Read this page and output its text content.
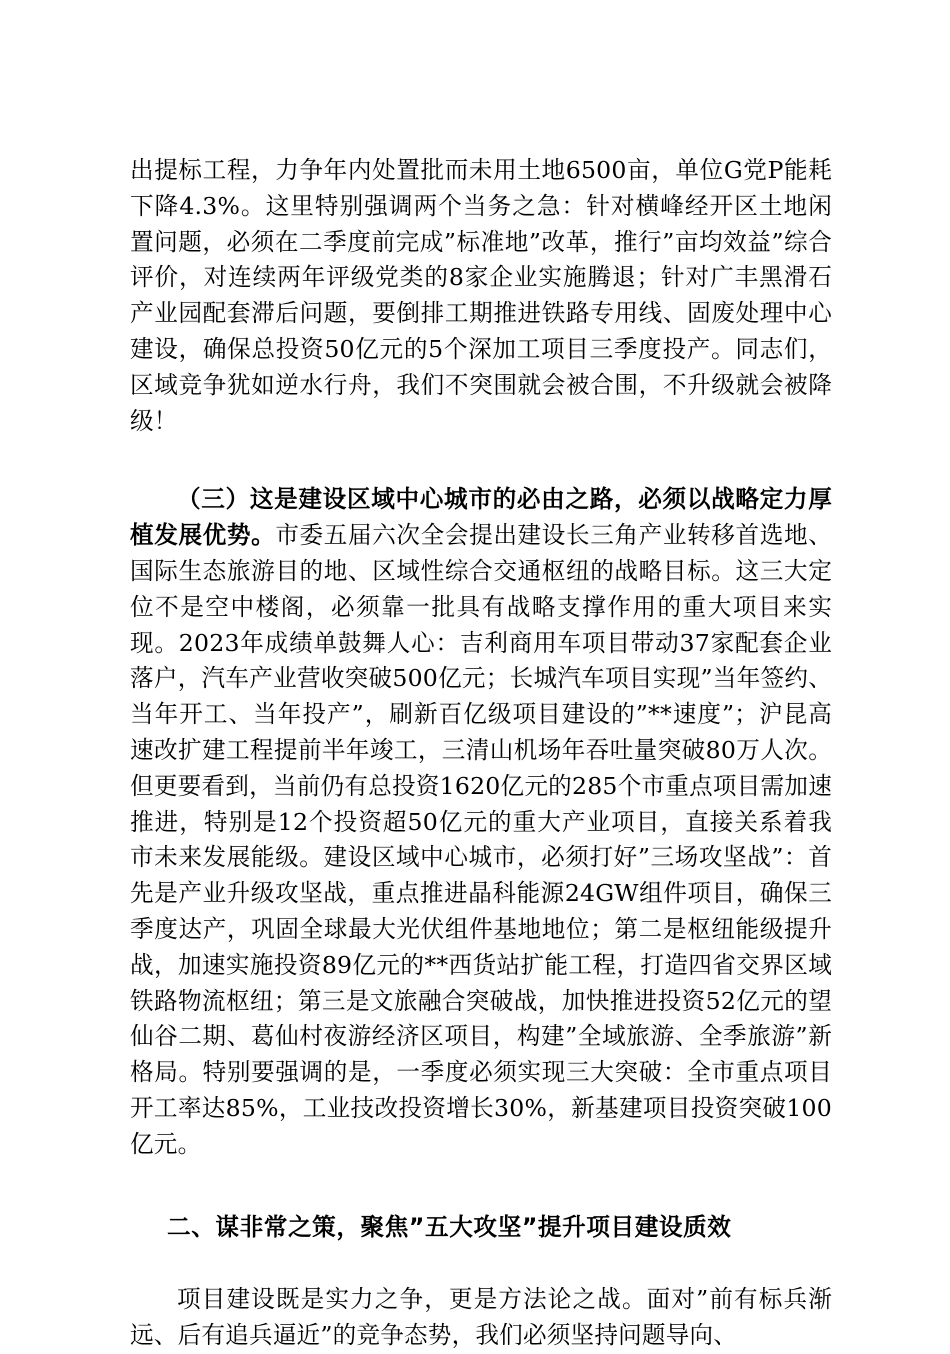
出提标工程，力争年内处置批而未用土地6500亩，单位G党P能耗下降4.3%。这里特别强调两个当务之急：针对横峰经开区土地闲置问题，必须在二季度前完成”标准地”改革，推行”亩均效益”综合评价，对连续两年评级党类的8家企业实施腾退；针对广丰黑滑石产业园配套滞后问题，要倒排工期推进铁路专用线、固废处理中心建设，确保总投资50亿元的5个深加工项目三季度投产。同志们，区域竞争犹如逆水行舟，我们不突围就会被合围，不升级就会被降级！

（三）这是建设区域中心城市的必由之路，必须以战略定力厚植发展优势。市委五届六次全会提出建设长三角产业转移首选地、国际生态旅游目的地、区域性综合交通枢纽的战略目标。这三大定位不是空中楼阁，必须靠一批具有战略支撑作用的重大项目来实现。2023年成绩单鼓舞人心：吉利商用车项目带动37家配套企业落户，汽车产业营收突破500亿元；长城汽车项目实现”当年签约、当年开工、当年投产”，刷新百亿级项目建设的”**速度”；沪昆高速改扩建工程提前半年竣工，三清山机场年吞吐量突破80万人次。但更要看到，当前仍有总投资1620亿元的285个市重点项目需加速推进，特别是12个投资超50亿元的重大产业项目，直接关系着我市未来发展能级。建设区域中心城市，必须打好”三场攻坚战”：首先是产业升级攻坚战，重点推进晶科能源24GW组件项目，确保三季度达产，巩固全球最大光伏组件基地地位；第二是枢纽能级提升战，加速实施投资89亿元的**西货站扩能工程，打造四省交界区域铁路物流枢纽；第三是文旅融合突破战，加快推进投资52亿元的望仙谷二期、葛仙村夜游经济区项目，构建”全域旅游、全季旅游”新格局。特别要强调的是，一季度必须实现三大突破：全市重点项目开工率达85%，工业技改投资增长30%，新基建项目投资突破100亿元。

二、谋非常之策，聚焦”五大攻坚”提升项目建设质效

项目建设既是实力之争，更是方法论之战。面对”前有标兵渐远、后有追兵逼近”的竞争态势，我们必须坚持问题导向、
